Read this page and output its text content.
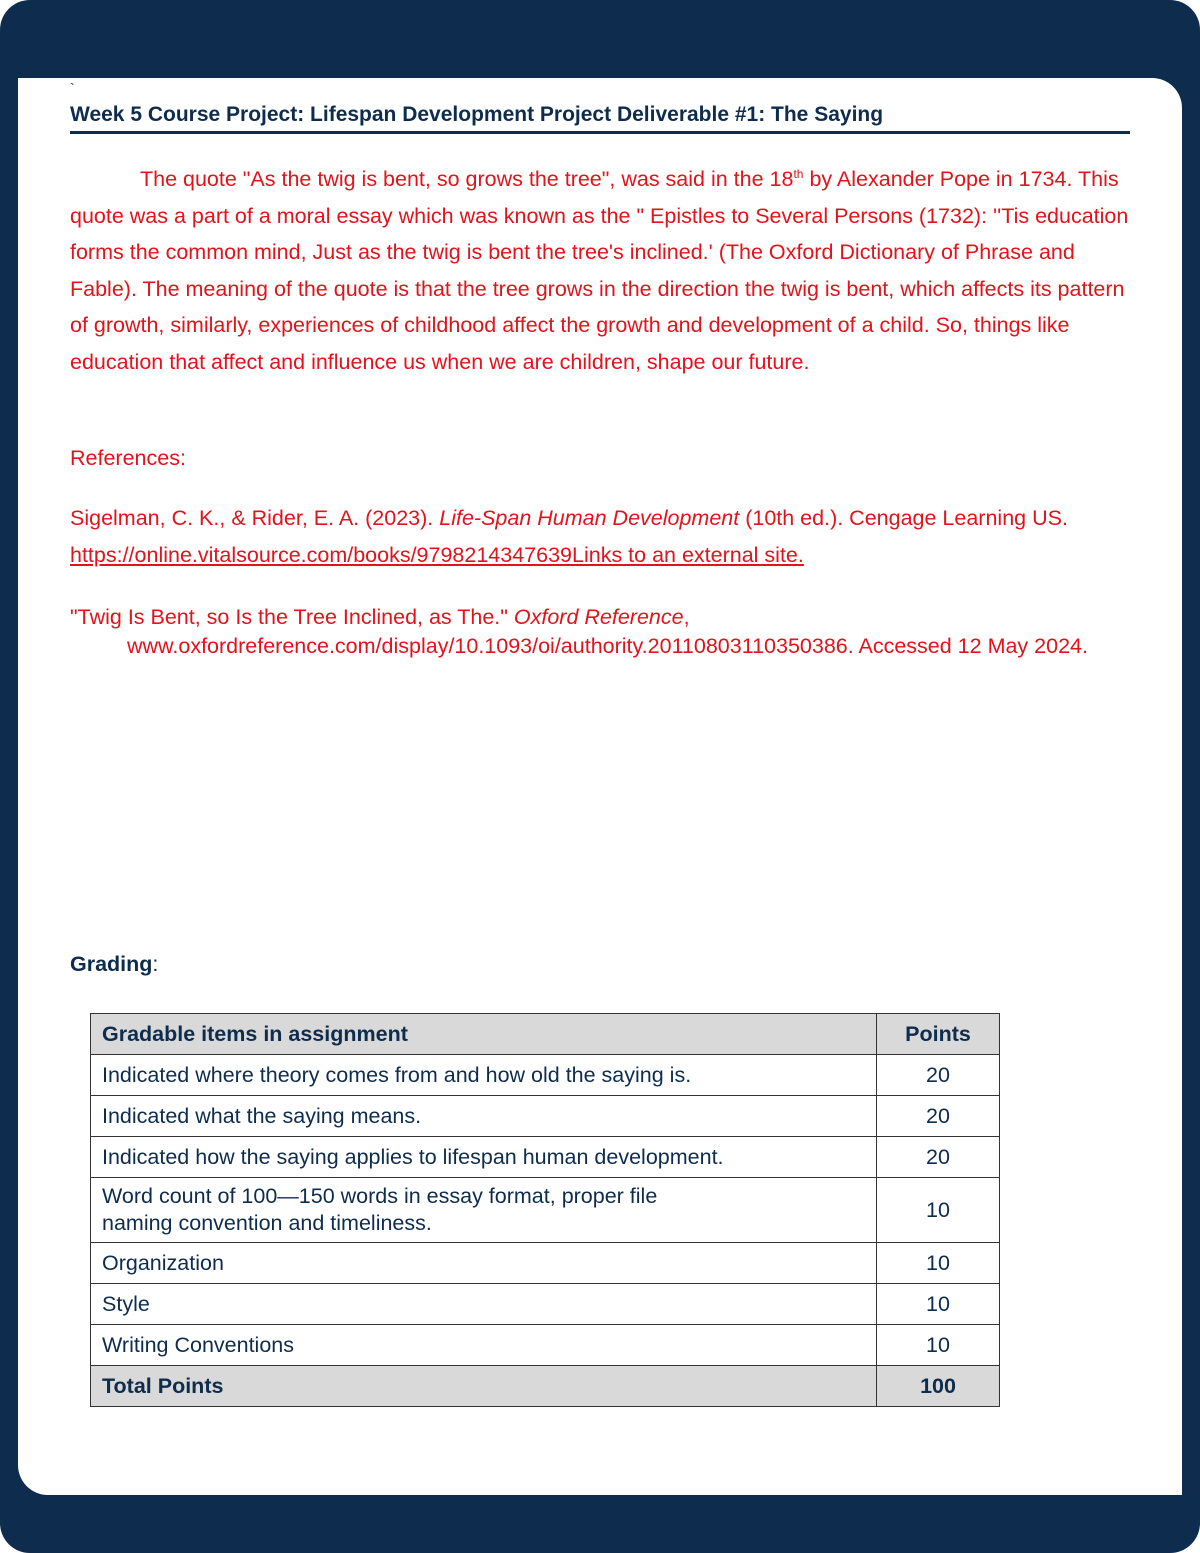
PSY278: Week 5 Assignment	Page 1
`
Week 5 Course Project: Lifespan Development Project Deliverable #1: The Saying
The quote "As the twig is bent, so grows the tree", was said in the 18th by Alexander Pope in 1734. This quote was a part of a moral essay which was known as the " Epistles to Several Persons (1732): ''Tis education forms the common mind, Just as the twig is bent the tree's inclined.' (The Oxford Dictionary of Phrase and Fable). The meaning of the quote is that the tree grows in the direction the twig is bent, which affects its pattern of growth, similarly, experiences of childhood affect the growth and development of a child. So, things like education that affect and influence us when we are children, shape our future.
References:
Sigelman, C. K., & Rider, E. A. (2023). Life-Span Human Development (10th ed.). Cengage Learning US. https://online.vitalsource.com/books/9798214347639Links to an external site.
"Twig Is Bent, so Is the Tree Inclined, as The." Oxford Reference, www.oxfordreference.com/display/10.1093/oi/authority.20110803110350386. Accessed 12 May 2024.
Grading:
Gradable items in assignment	Points
Indicated where theory comes from and how old the saying is.	20
Indicated what the saying means.	20
Indicated how the saying applies to lifespan human development.	20
Word count of 100—150 words in essay format, proper file naming convention and timeliness.	10
Organization	10
Style	10
Writing Conventions	10
Total Points	100
